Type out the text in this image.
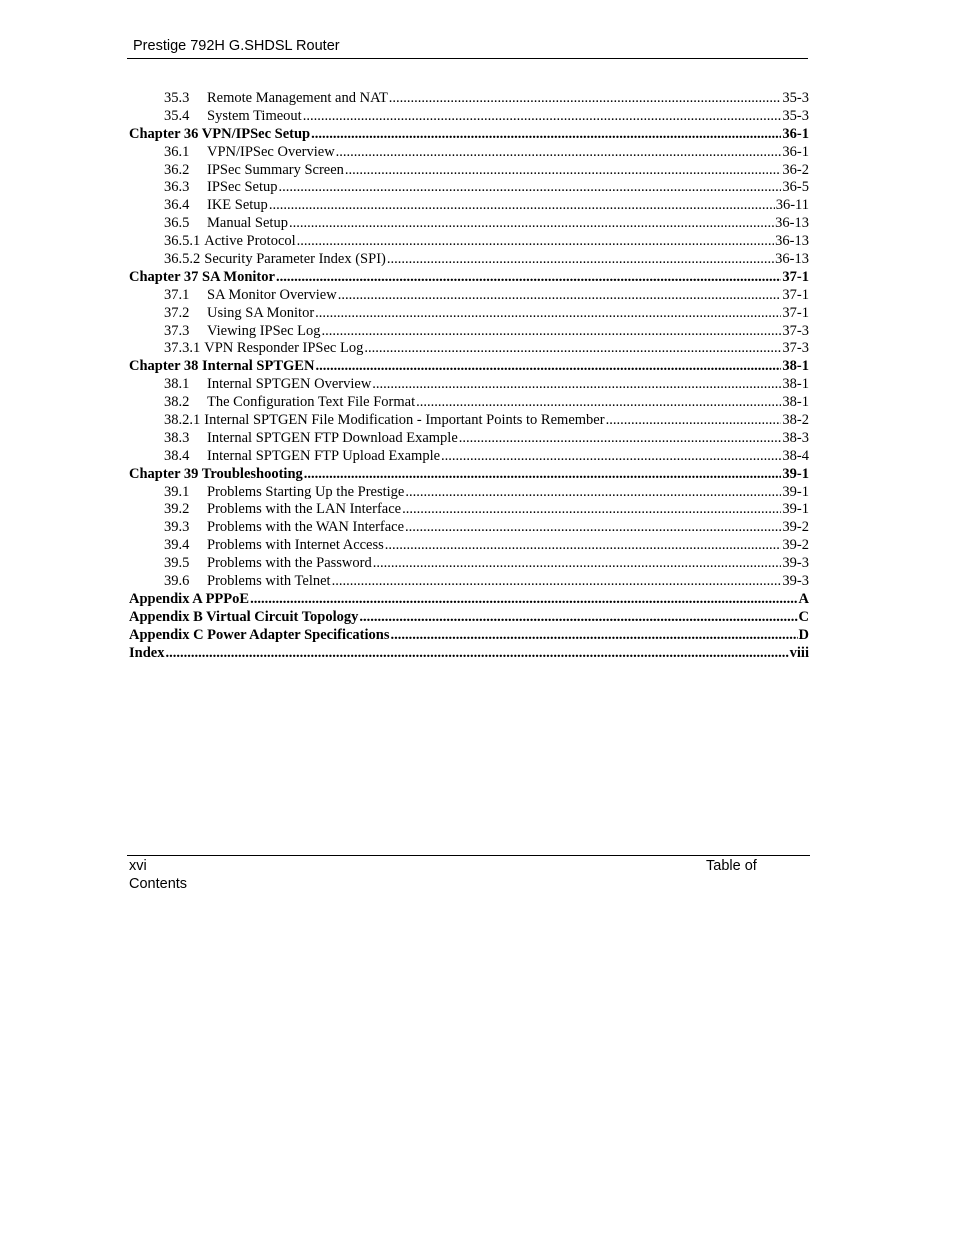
Prestige 792H G.SHDSL Router
35.3	Remote Management and NAT .....	35-3
35.4	System Timeout .....	35-3
Chapter 36 VPN/IPSec Setup .....	36-1
36.1	VPN/IPSec Overview .....	36-1
36.2	IPSec Summary Screen .....	36-2
36.3	IPSec Setup .....	36-5
36.4	IKE Setup .....	36-11
36.5	Manual Setup .....	36-13
36.5.1 Active Protocol .....	36-13
36.5.2 Security Parameter Index (SPI) .....	36-13
Chapter 37 SA Monitor .....	37-1
37.1	SA Monitor Overview .....	37-1
37.2	Using SA Monitor .....	37-1
37.3	Viewing IPSec Log .....	37-3
37.3.1 VPN Responder IPSec Log .....	37-3
Chapter 38 Internal SPTGEN .....	38-1
38.1	Internal SPTGEN Overview .....	38-1
38.2	The Configuration Text File Format .....	38-1
38.2.1 Internal SPTGEN File Modification - Important Points to Remember .....	38-2
38.3	Internal SPTGEN FTP Download Example .....	38-3
38.4	Internal SPTGEN FTP Upload Example .....	38-4
Chapter 39 Troubleshooting .....	39-1
39.1	Problems Starting Up the Prestige .....	39-1
39.2	Problems with the LAN Interface .....	39-1
39.3	Problems with the WAN Interface .....	39-2
39.4	Problems with Internet Access .....	39-2
39.5	Problems with the Password .....	39-3
39.6	Problems with Telnet .....	39-3
Appendix A PPPoE .....	A
Appendix B Virtual Circuit Topology .....	C
Appendix C Power Adapter Specifications .....	D
Index .....	viii
xvi
Contents
Table of
